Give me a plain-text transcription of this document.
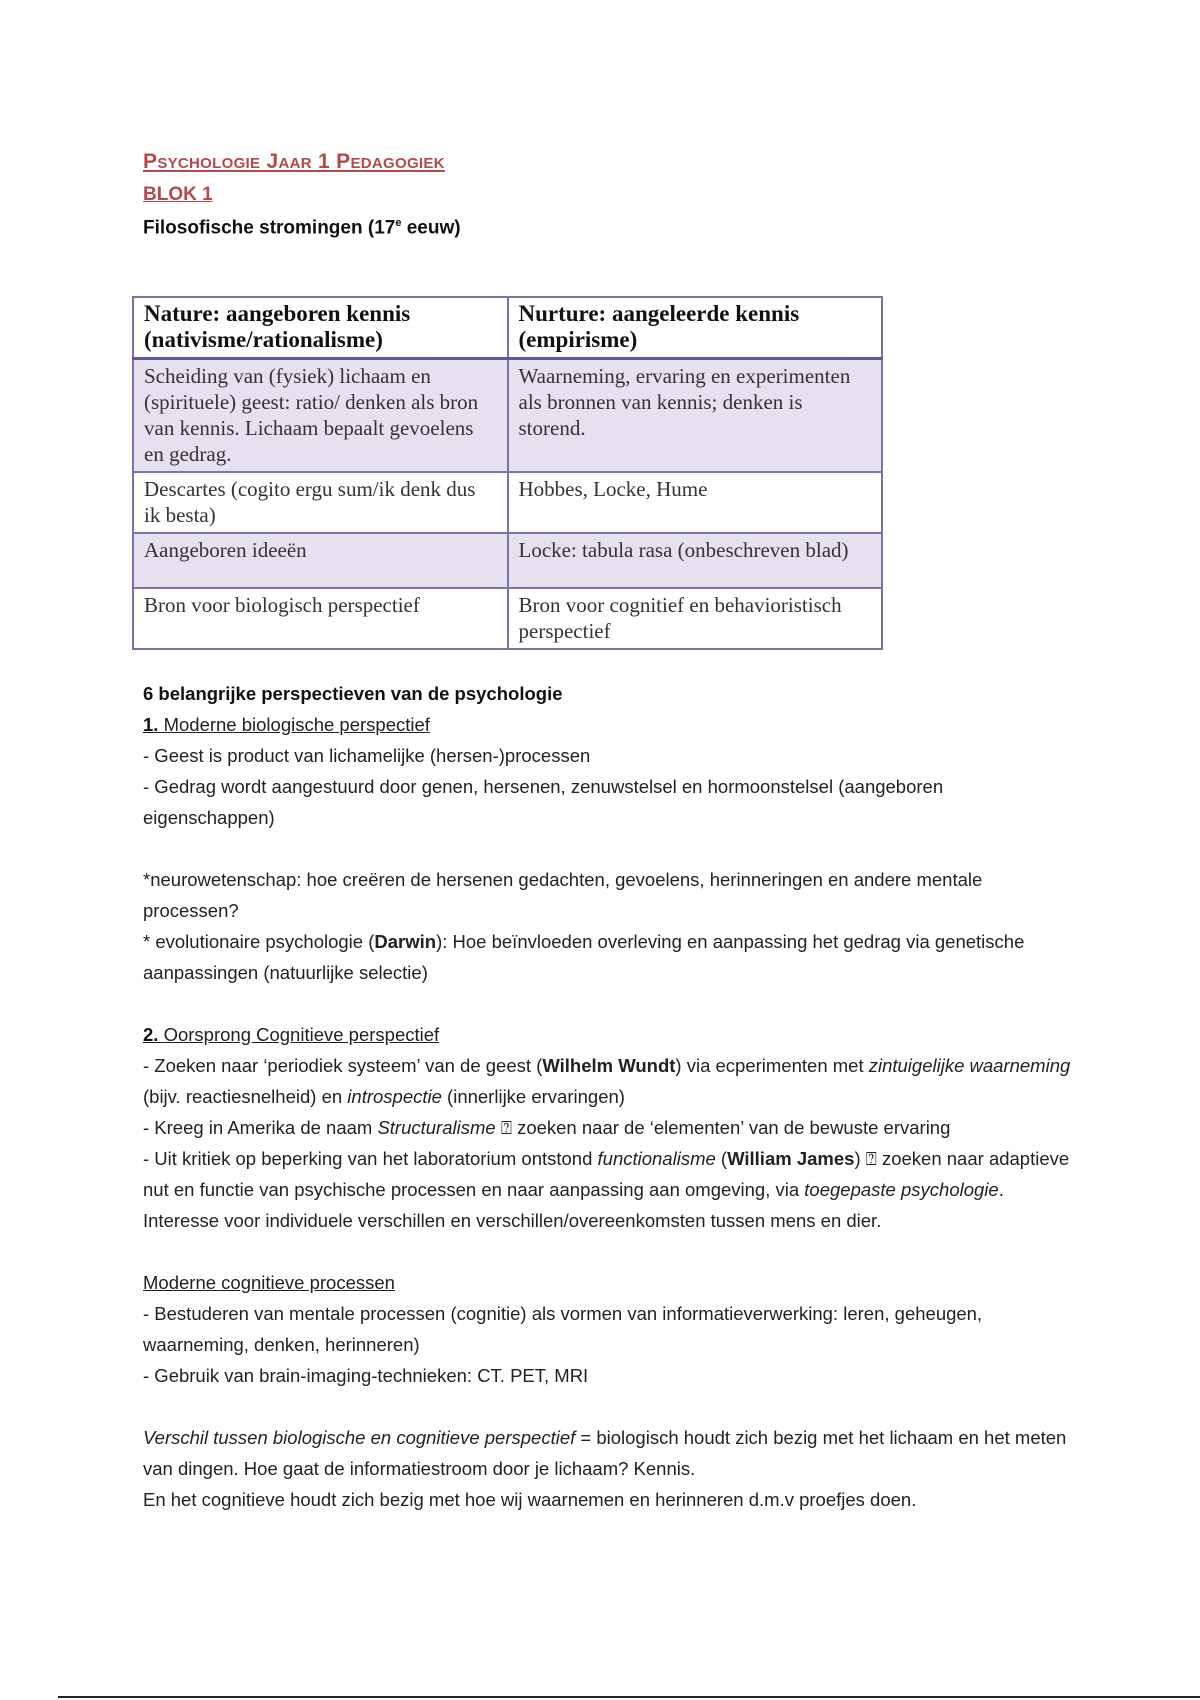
Psychologie Jaar 1 Pedagogiek
BLOK 1
Filosofische stromingen (17e eeuw)
Nature: aangeboren kennis (nativisme/rationalisme)	Nurture: aangeleerde kennis (empirisme)
Scheiding van (fysiek) lichaam en (spirituele) geest: ratio/ denken als bron van kennis. Lichaam bepaalt gevoelens en gedrag.	Waarneming, ervaring en experimenten als bronnen van kennis; denken is storend.
Descartes (cogito ergu sum/ik denk dus ik besta)	Hobbes, Locke, Hume
Aangeboren ideeën	Locke: tabula rasa (onbeschreven blad)
Bron voor biologisch perspectief	Bron voor cognitief en behavioristisch perspectief

6 belangrijke perspectieven van de psychologie

1. Moderne biologische perspectief

- Geest is product van lichamelijke (hersen-)processen

- Gedrag wordt aangestuurd door genen, hersenen, zenuwstelsel en hormoonstelsel (aangeboren eigenschappen)

*neurowetenschap: hoe creëren de hersenen gedachten, gevoelens, herinneringen en andere mentale processen?

* evolutionaire psychologie (Darwin): Hoe beïnvloeden overleving en aanpassing het gedrag via genetische aanpassingen (natuurlijke selectie)

2. Oorsprong Cognitieve perspectief

- Zoeken naar ‘periodiek systeem’ van de geest (Wilhelm Wundt) via ecperimenten met zintuigelijke waarneming (bijv. reactiesnelheid) en introspectie (innerlijke ervaringen)

- Kreeg in Amerika de naam Structuralisme ⍰ zoeken naar de ‘elementen’ van de bewuste ervaring

- Uit kritiek op beperking van het laboratorium ontstond functionalisme (William James) ⍰ zoeken naar adaptieve nut en functie van psychische processen en naar aanpassing aan omgeving, via toegepaste psychologie. Interesse voor individuele verschillen en verschillen/overeenkomsten tussen mens en dier.

Moderne cognitieve processen

- Bestuderen van mentale processen (cognitie) als vormen van informatieverwerking: leren, geheugen, waarneming, denken, herinneren)

- Gebruik van brain-imaging-technieken: CT. PET, MRI

Verschil tussen biologische en cognitieve perspectief = biologisch houdt zich bezig met het lichaam en het meten van dingen. Hoe gaat de informatiestroom door je lichaam? Kennis.

En het cognitieve houdt zich bezig met hoe wij waarnemen en herinneren d.m.v proefjes doen.
